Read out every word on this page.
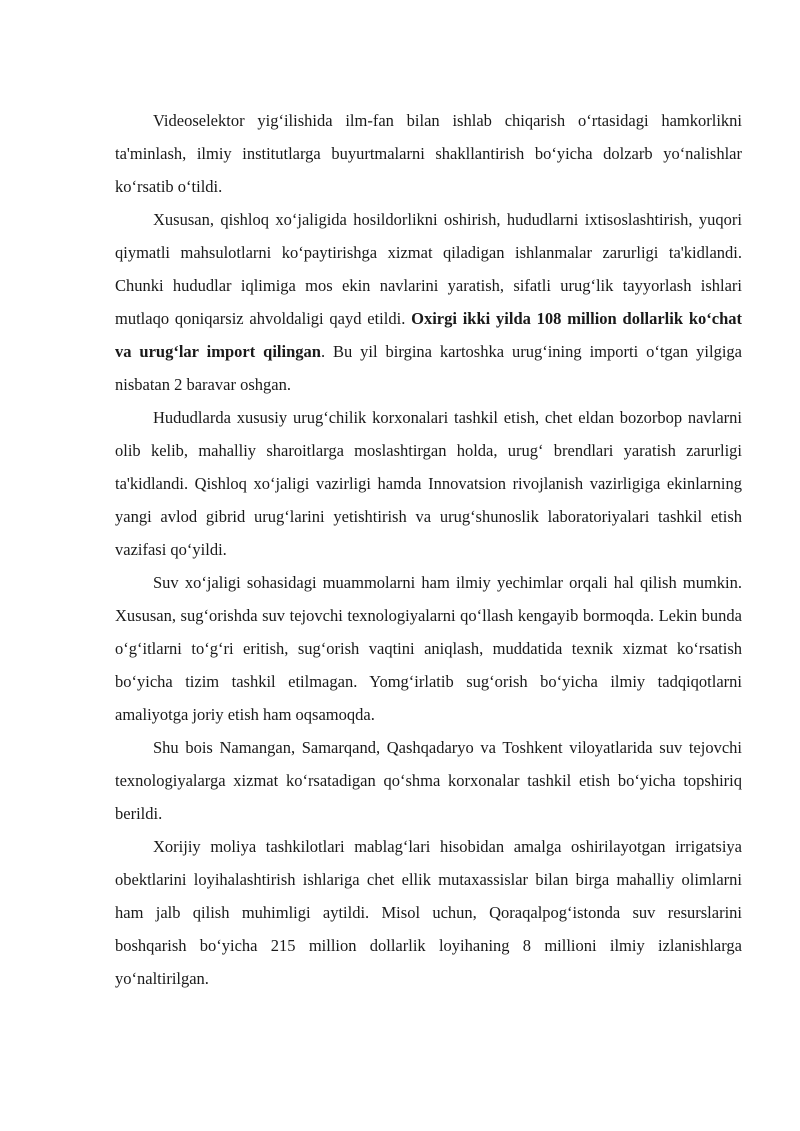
Videoselektor yig‘ilishida ilm-fan bilan ishlab chiqarish o‘rtasidagi hamkorlikni ta'minlash, ilmiy institutlarga buyurtmalarni shakllantirish bo‘yicha dolzarb yo‘nalishlar ko‘rsatib o‘tildi.

Xususan, qishloq xo‘jaligida hosildorlikni oshirish, hududlarni ixtisoslashtirish, yuqori qiymatli mahsulotlarni ko‘paytirishga xizmat qiladigan ishlanmalar zarurligi ta'kidlandi. Chunki hududlar iqlimiga mos ekin navlarini yaratish, sifatli urug‘lik tayyorlash ishlari mutlaqo qoniqarsiz ahvoldaligi qayd etildi. Oxirgi ikki yilda 108 million dollarlik ko‘chat va urug‘lar import qilingan. Bu yil birgina kartoshka urug‘ining importi o‘tgan yilgiga nisbatan 2 baravar oshgan.

Hududlarda xususiy urug‘chilik korxonalari tashkil etish, chet eldan bozorbop navlarni olib kelib, mahalliy sharoitlarga moslashtirgan holda, urug‘ brendlari yaratish zarurligi ta'kidlandi. Qishloq xo‘jaligi vazirligi hamda Innovatsion rivojlanish vazirligiga ekinlarning yangi avlod gibrid urug‘larini yetishtirish va urug‘shunoslik laboratoriyalari tashkil etish vazifasi qo‘yildi.

Suv xo‘jaligi sohasidagi muammolarni ham ilmiy yechimlar orqali hal qilish mumkin. Xususan, sug‘orishda suv tejovchi texnologiyalarni qo‘llash kengayib bormoqda. Lekin bunda o‘g‘itlarni to‘g‘ri eritish, sug‘orish vaqtini aniqlash, muddatida texnik xizmat ko‘rsatish bo‘yicha tizim tashkil etilmagan. Yomg‘irlatib sug‘orish bo‘yicha ilmiy tadqiqotlarni amaliyotga joriy etish ham oqsamoqda.

Shu bois Namangan, Samarqand, Qashqadaryo va Toshkent viloyatlarida suv tejovchi texnologiyalarga xizmat ko‘rsatadigan qo‘shma korxonalar tashkil etish bo‘yicha topshiriq berildi.

Xorijiy moliya tashkilotlari mablag‘lari hisobidan amalga oshirilayotgan irrigatsiya obektlarini loyihalashtirish ishlariga chet ellik mutaxassislar bilan birga mahalliy olimlarni ham jalb qilish muhimligi aytildi. Misol uchun, Qoraqalpog‘istonda suv resurslarini boshqarish bo‘yicha 215 million dollarlik loyihaning 8 millioni ilmiy izlanishlarga yo‘naltirilgan.
